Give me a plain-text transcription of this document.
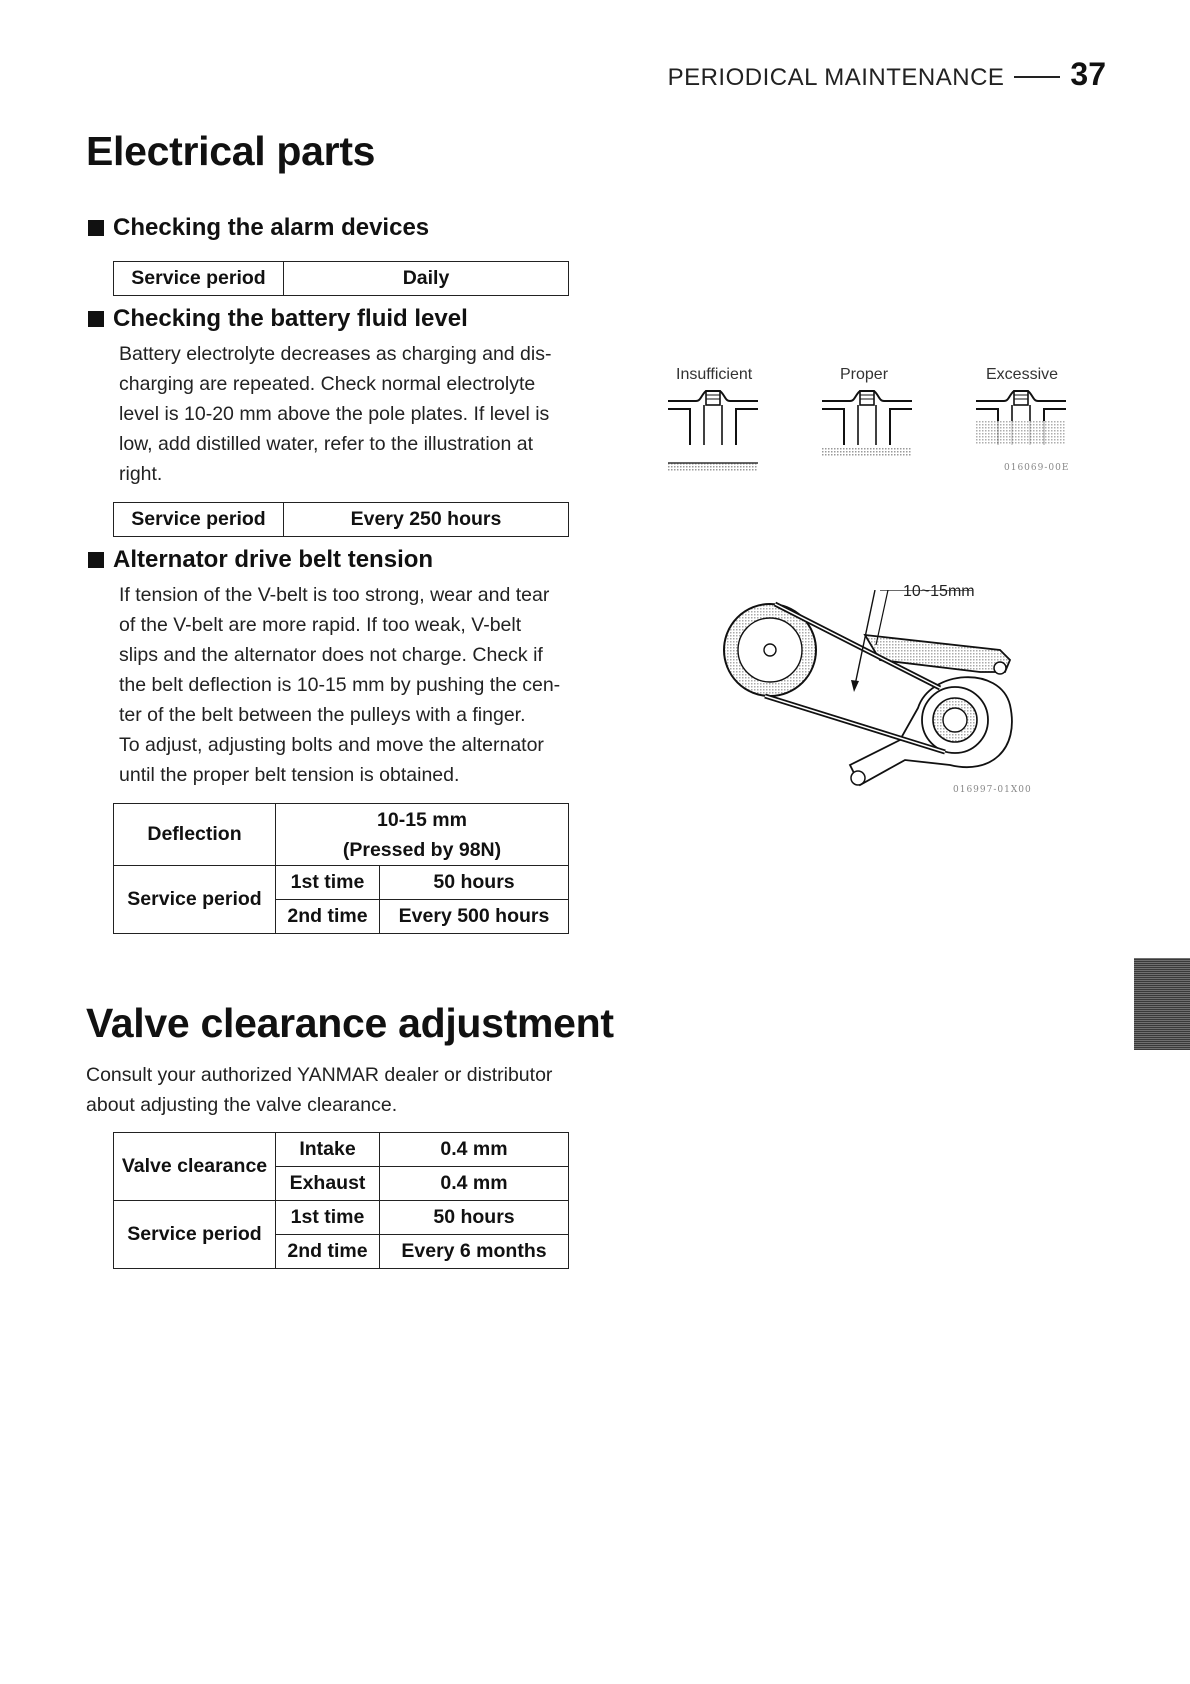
PERIODICAL MAINTENANCE 37
Electrical parts
Checking the alarm devices
Service period	Daily
Checking the battery fluid level
Battery electrolyte decreases as charging and dis-
charging are repeated. Check normal electrolyte
level is 10-20 mm above the pole plates. If level is
low, add distilled water, refer to the illustration at
right.
Service period	Every 250 hours
Insufficient	Proper	Excessive
016069-00E
Alternator drive belt tension
If tension of the V-belt is too strong, wear and tear
of the V-belt are more rapid. If too weak, V-belt
slips and the alternator does not charge. Check if
the belt deflection is 10-15 mm by pushing the cen-
ter of the belt between the pulleys with a finger.
To adjust, adjusting bolts and move the alternator
until the proper belt tension is obtained.
10~15mm
016997-01X00
Deflection	10-15 mm
(Pressed by 98N)	

Service period	1st time	50 hours
	2nd time	Every 500 hours
Valve clearance adjustment
Consult your authorized YANMAR dealer or distributor
about adjusting the valve clearance.
Valve clearance	Intake	0.4 mm
	Exhaust	0.4 mm
Service period	1st time	50 hours
	2nd time	Every 6 months
